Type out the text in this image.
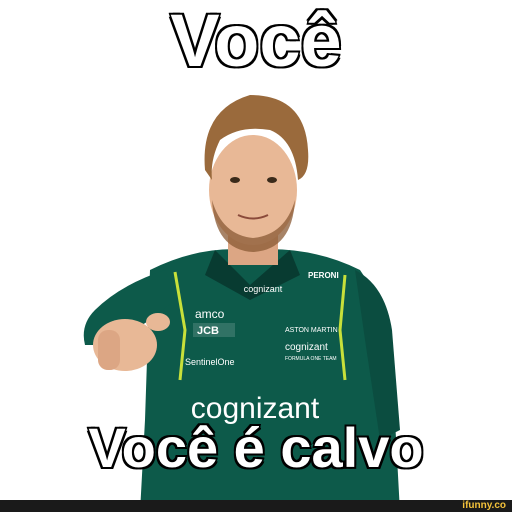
cognizant
amco
JCB
SentinelOne
PERONI
ASTON MARTIN
cognizant
FORMULA ONE TEAM
cognizant
Você
Você é calvo
ifunny.co
